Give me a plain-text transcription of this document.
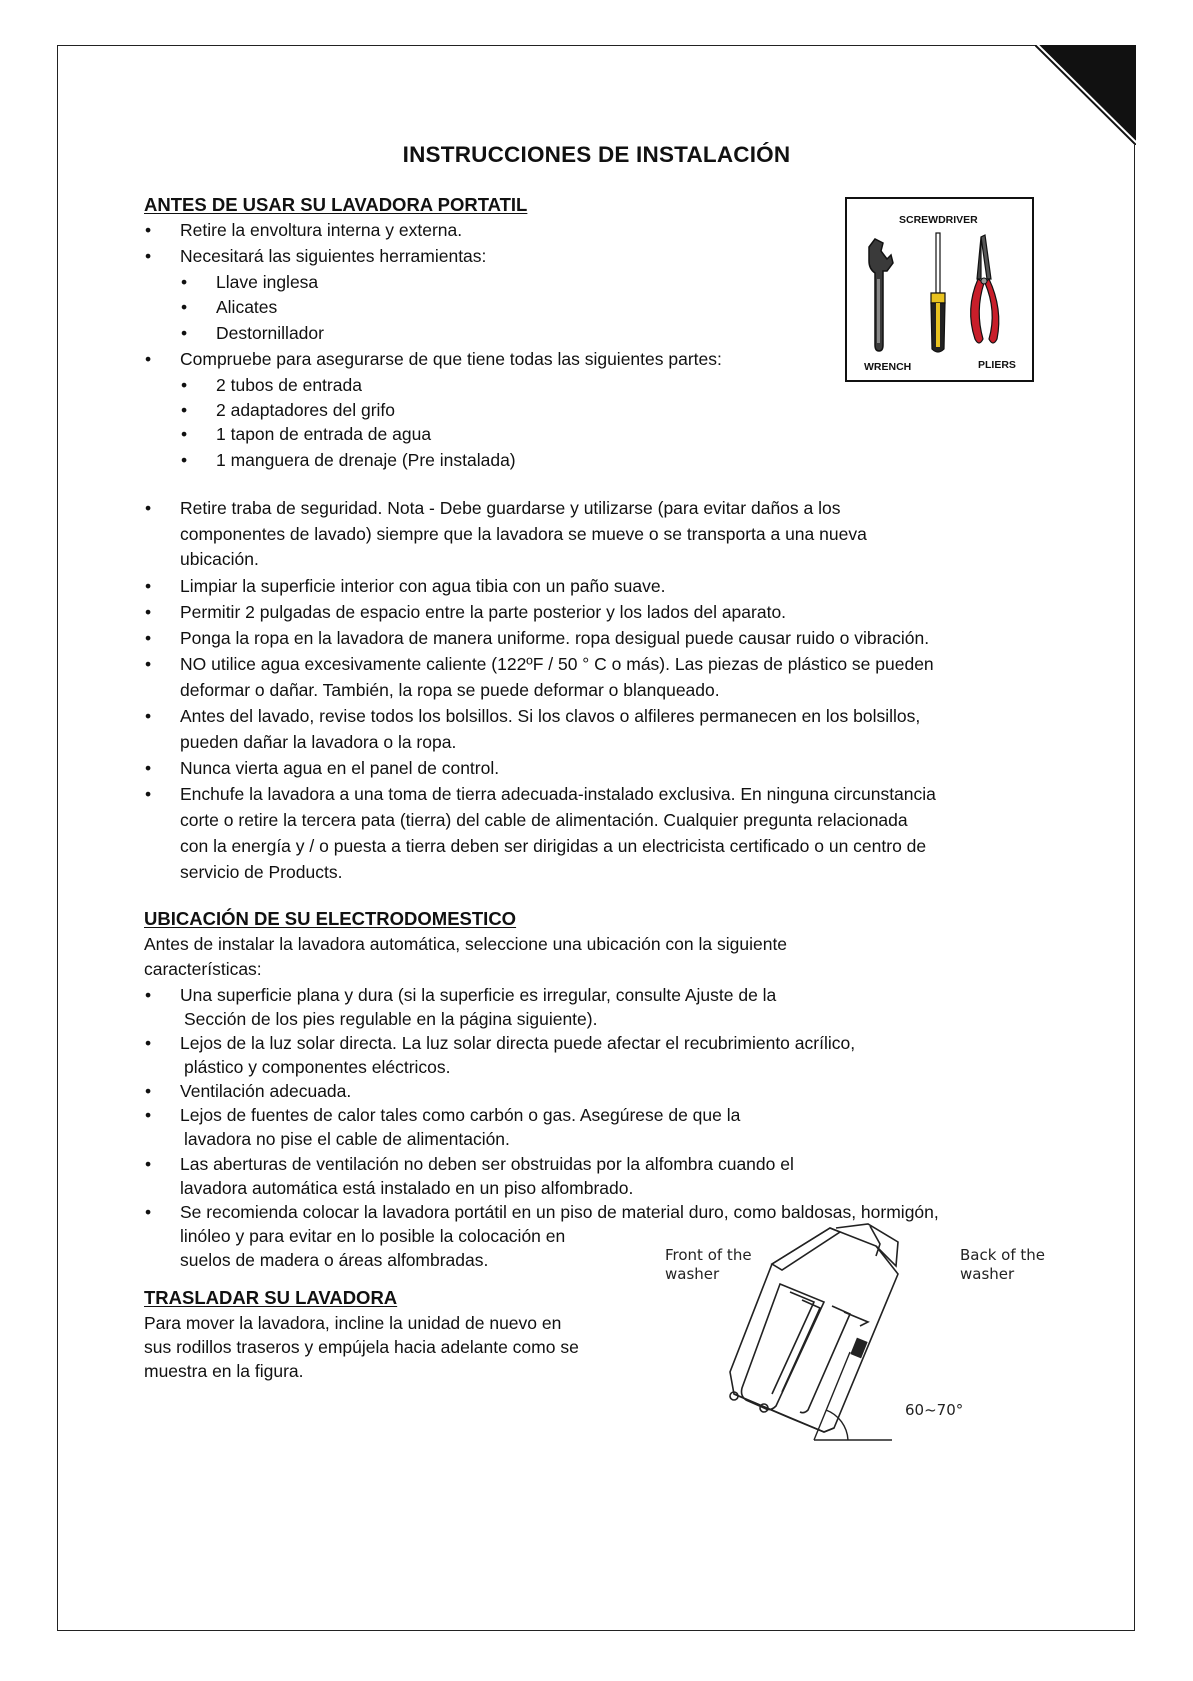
INSTRUCCIONES DE INSTALACIÓN
ANTES DE USAR SU LAVADORA PORTATIL
• Retire la envoltura interna y externa.
• Necesitará las siguientes herramientas:
• Llave inglesa
• Alicates
• Destornillador
• Compruebe para asegurarse de que tiene todas las siguientes partes:
• 2 tubos de entrada
• 2 adaptadores del grifo
• 1 tapon de entrada de agua
• 1 manguera de drenaje (Pre instalada)
• Retire traba de seguridad. Nota - Debe guardarse y utilizarse (para evitar daños a los
componentes de lavado) siempre que la lavadora se mueve o se transporta a una nueva
ubicación.
• Limpiar la superficie interior con agua tibia con un paño suave.
• Permitir 2 pulgadas de espacio entre la parte posterior y los lados del aparato.
• Ponga la ropa en la lavadora de manera uniforme. ropa desigual puede causar ruido o vibración.
• NO utilice agua excesivamente caliente (122ºF / 50 ° C o más). Las piezas de plástico se pueden
deformar o dañar. También, la ropa se puede deformar o blanqueado.
• Antes del lavado, revise todos los bolsillos. Si los clavos o alfileres permanecen en los bolsillos,
pueden dañar la lavadora o la ropa.
• Nunca vierta agua en el panel de control.
• Enchufe la lavadora a una toma de tierra adecuada-instalado exclusiva. En ninguna circunstancia
corte o retire la tercera pata (tierra) del cable de alimentación. Cualquier pregunta relacionada
con la energía y / o puesta a tierra deben ser dirigidas a un electricista certificado o un centro de
servicio de Products.
SCREWDRIVER
WRENCH	PLIERS
UBICACIÓN DE SU ELECTRODOMESTICO
Antes de instalar la lavadora automática, seleccione una ubicación con la siguiente
características:
• Una superficie plana y dura (si la superficie es irregular, consulte Ajuste de la
Sección de los pies regulable en la página siguiente).
• Lejos de la luz solar directa. La luz solar directa puede afectar el recubrimiento acrílico,
plástico y componentes eléctricos.
• Ventilación adecuada.
• Lejos de fuentes de calor tales como carbón o gas. Asegúrese de que la
lavadora no pise el cable de alimentación.
• Las aberturas de ventilación no deben ser obstruidas por la alfombra cuando el
lavadora automática está instalado en un piso alfombrado.
• Se recomienda colocar la lavadora portátil en un piso de material duro, como baldosas, hormigón,
linóleo y para evitar en lo posible la colocación en
suelos de madera o áreas alfombradas.
TRASLADAR SU LAVADORA
Para mover la lavadora, incline la unidad de nuevo en
sus rodillos traseros y empújela hacia adelante como se
muestra en la figura.
Front of the
washer
Back of the
washer
60~70°
